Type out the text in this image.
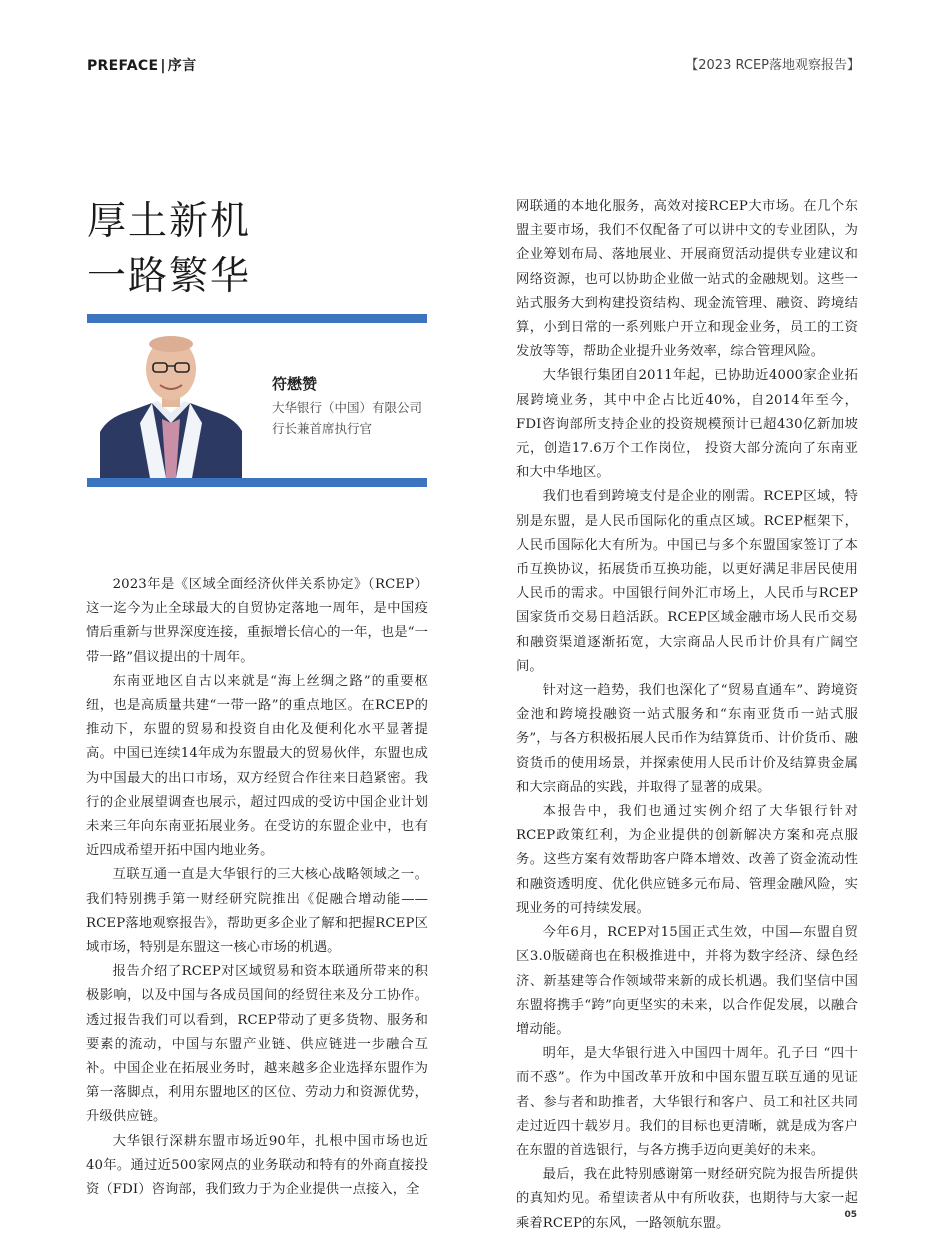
PREFACE | 序言	【2023 RCEP落地观察报告】
厚土新机
一路繁华
符懋赞
大华银行（中国）有限公司
行长兼首席执行官

2023年是《区域全面经济伙伴关系协定》（RCEP）这一迄今为止全球最大的自贸协定落地一周年，是中国疫情后重新与世界深度连接，重振增长信心的一年，也是“一带一路”倡议提出的十周年。

东南亚地区自古以来就是“海上丝绸之路”的重要枢纽，也是高质量共建“一带一路”的重点地区。在RCEP的推动下，东盟的贸易和投资自由化及便利化水平显著提高。中国已连续14年成为东盟最大的贸易伙伴，东盟也成为中国最大的出口市场，双方经贸合作往来日趋紧密。我行的企业展望调查也展示，超过四成的受访中国企业计划未来三年向东南亚拓展业务。在受访的东盟企业中，也有近四成希望开拓中国内地业务。

互联互通一直是大华银行的三大核心战略领域之一。我们特别携手第一财经研究院推出《促融合增动能——RCEP落地观察报告》，帮助更多企业了解和把握RCEP区域市场，特别是东盟这一核心市场的机遇。

报告介绍了RCEP对区域贸易和资本联通所带来的积极影响，以及中国与各成员国间的经贸往来及分工协作。透过报告我们可以看到，RCEP带动了更多货物、服务和要素的流动，中国与东盟产业链、供应链进一步融合互补。中国企业在拓展业务时，越来越多企业选择东盟作为第一落脚点，利用东盟地区的区位、劳动力和资源优势，升级供应链。

大华银行深耕东盟市场近90年，扎根中国市场也近40年。通过近500家网点的业务联动和特有的外商直接投资（FDI）咨询部，我们致力于为企业提供一点接入，全

网联通的本地化服务，高效对接RCEP大市场。在几个东盟主要市场，我们不仅配备了可以讲中文的专业团队，为企业筹划布局、落地展业、开展商贸活动提供专业建议和网络资源，也可以协助企业做一站式的金融规划。这些一站式服务大到构建投资结构、现金流管理、融资、跨境结算，小到日常的一系列账户开立和现金业务，员工的工资发放等等，帮助企业提升业务效率，综合管理风险。

大华银行集团自2011年起，已协助近4000家企业拓展跨境业务，其中中企占比近40%，自2014年至今，FDI咨询部所支持企业的投资规模预计已超430亿新加坡元，创造17.6万个工作岗位， 投资大部分流向了东南亚和大中华地区。

我们也看到跨境支付是企业的刚需。RCEP区域，特别是东盟，是人民币国际化的重点区域。RCEP框架下，人民币国际化大有所为。中国已与多个东盟国家签订了本币互换协议，拓展货币互换功能，以更好满足非居民使用人民币的需求。中国银行间外汇市场上，人民币与RCEP国家货币交易日趋活跃。RCEP区域金融市场人民币交易和融资渠道逐渐拓宽，大宗商品人民币计价具有广阔空间。

针对这一趋势，我们也深化了“贸易直通车”、跨境资金池和跨境投融资一站式服务和“东南亚货币一站式服务”，与各方积极拓展人民币作为结算货币、计价货币、融资货币的使用场景，并探索使用人民币计价及结算贵金属和大宗商品的实践，并取得了显著的成果。

本报告中，我们也通过实例介绍了大华银行针对RCEP政策红利，为企业提供的创新解决方案和亮点服务。这些方案有效帮助客户降本增效、改善了资金流动性和融资透明度、优化供应链多元布局、管理金融风险，实现业务的可持续发展。

今年6月，RCEP对15国正式生效，中国—东盟自贸区3.0版磋商也在积极推进中，并将为数字经济、绿色经济、新基建等合作领域带来新的成长机遇。我们坚信中国东盟将携手“跨”向更坚实的未来，以合作促发展，以融合增动能。

明年，是大华银行进入中国四十周年。孔子曰 “四十而不惑”。作为中国改革开放和中国东盟互联互通的见证者、参与者和助推者，大华银行和客户、员工和社区共同走过近四十载岁月。我们的目标也更清晰，就是成为客户在东盟的首选银行，与各方携手迈向更美好的未来。

最后，我在此特别感谢第一财经研究院为报告所提供的真知灼见。希望读者从中有所收获，也期待与大家一起乘着RCEP的东风，一路领航东盟。

05
